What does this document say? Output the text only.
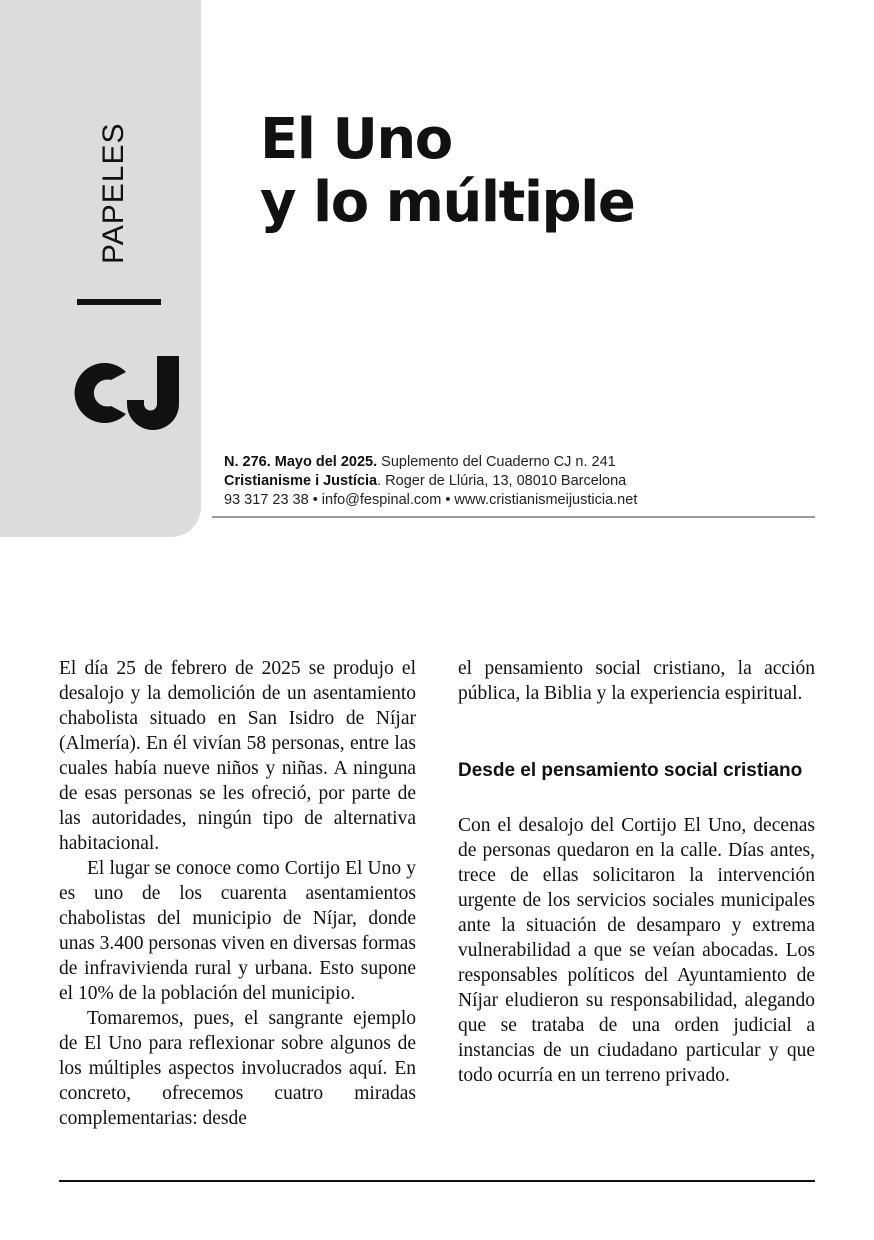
PAPELES El Uno
y lo múltiple
N. 276. Mayo del 2025. Suplemento del Cuaderno CJ n. 241
Cristianisme i Justícia. Roger de Llúria, 13, 08010 Barcelona
93 317 23 38 • info@fespinal.com • www.cristianismeijusticia.net

El día 25 de febrero de 2025 se produjo el desalojo y la demolición de un asentamiento chabolista situado en San Isidro de Níjar (Almería). En él vivían 58 personas, entre las cuales había nueve niños y niñas. A ninguna de esas personas se les ofreció, por parte de las autoridades, ningún tipo de alternativa habitacional.

El lugar se conoce como Cortijo El Uno y es uno de los cuarenta asentamientos chabolistas del municipio de Níjar, donde unas 3.400 personas viven en diversas formas de infravivienda rural y urbana. Esto supone el 10% de la población del municipio.

Tomaremos, pues, el sangrante ejemplo de El Uno para reflexionar sobre algunos de los múltiples aspectos involucrados aquí. En concreto, ofrecemos cuatro miradas complementarias: desde

el pensamiento social cristiano, la acción pública, la Biblia y la experiencia espiritual.

Desde el pensamiento social cristiano

Con el desalojo del Cortijo El Uno, decenas de personas quedaron en la calle. Días antes, trece de ellas solicitaron la intervención urgente de los servicios sociales municipales ante la situación de desamparo y extrema vulnerabilidad a que se veían abocadas. Los responsables políticos del Ayuntamiento de Níjar eludieron su responsabilidad, alegando que se trataba de una orden judicial a instancias de un ciudadano particular y que todo ocurría en un terreno privado.
